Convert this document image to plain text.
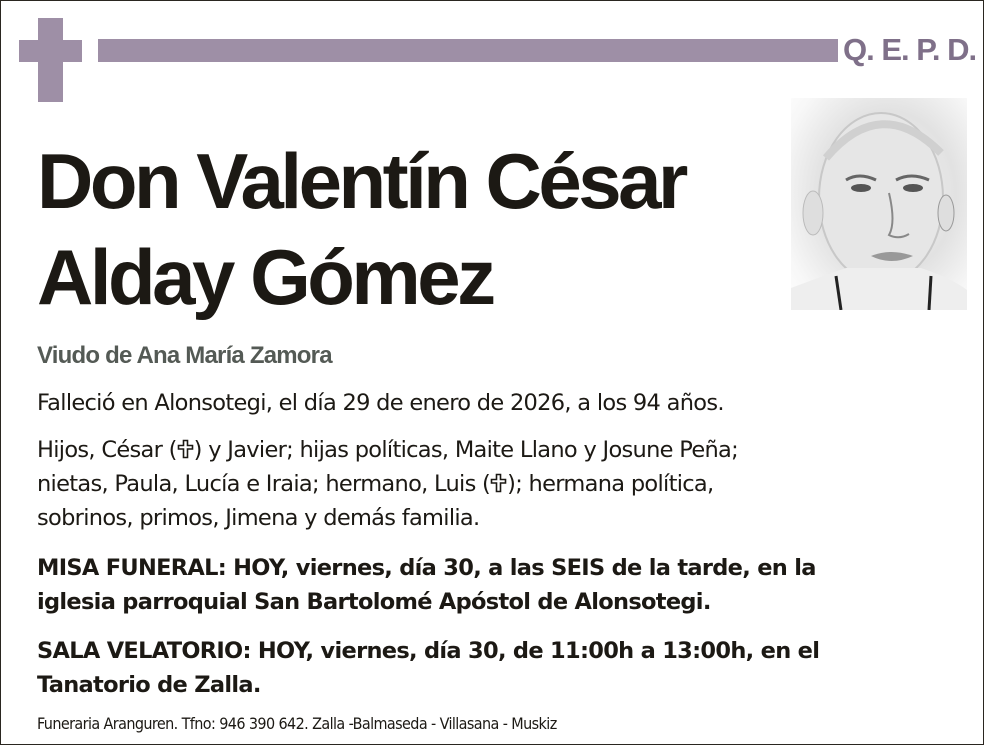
Q. E. P. D.
Don Valentín César
Alday Gómez
Viudo de Ana María Zamora
Falleció en Alonsotegi, el día 29 de enero de 2026, a los 94 años.
Hijos, César ( ) y Javier; hijas políticas, Maite Llano y Josune Peña;
nietas, Paula, Lucía e Iraia; hermano, Luis ( ); hermana política,
sobrinos, primos, Jimena y demás familia.
MISA FUNERAL: HOY, viernes, día 30, a las SEIS de la tarde, en la
iglesia parroquial San Bartolomé Apóstol de Alonsotegi.
SALA VELATORIO: HOY, viernes, día 30, de 11:00h a 13:00h, en el
Tanatorio de Zalla.
Funeraria Aranguren. Tfno: 946 390 642. Zalla -Balmaseda - Villasana - Muskiz
